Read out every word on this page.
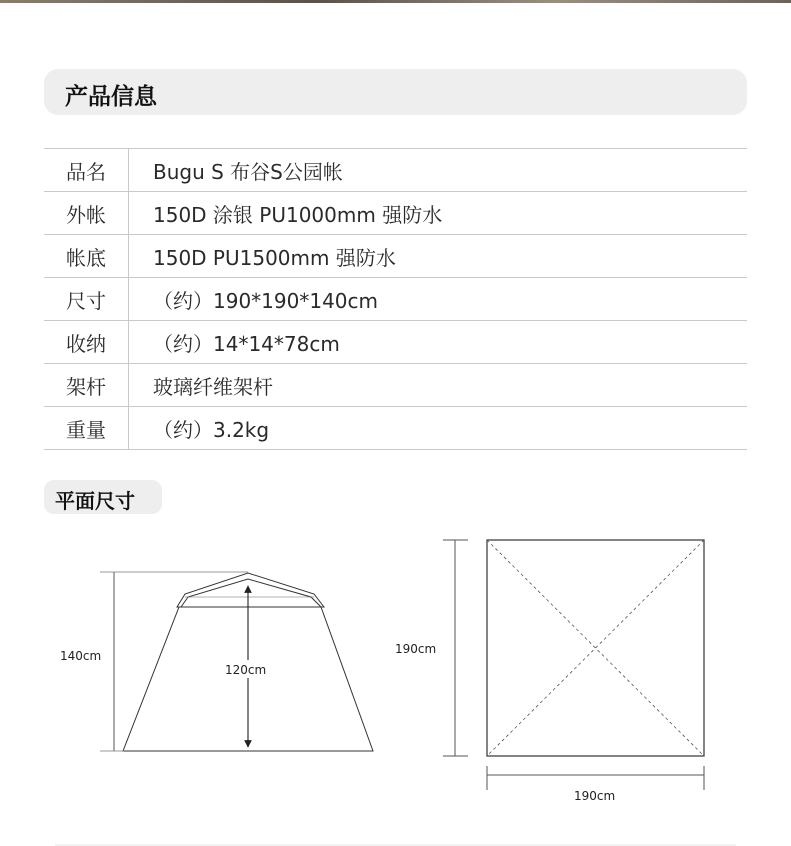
产品信息
品名	Bugu S 布谷S公园帐
外帐	150D 涂银 PU1000mm 强防水
帐底	150D PU1500mm 强防水
尺寸	（约）190*190*140cm
收纳	（约）14*14*78cm
架杆	玻璃纤维架杆
重量	（约）3.2kg
平面尺寸
140cm
120cm
190cm
190cm
